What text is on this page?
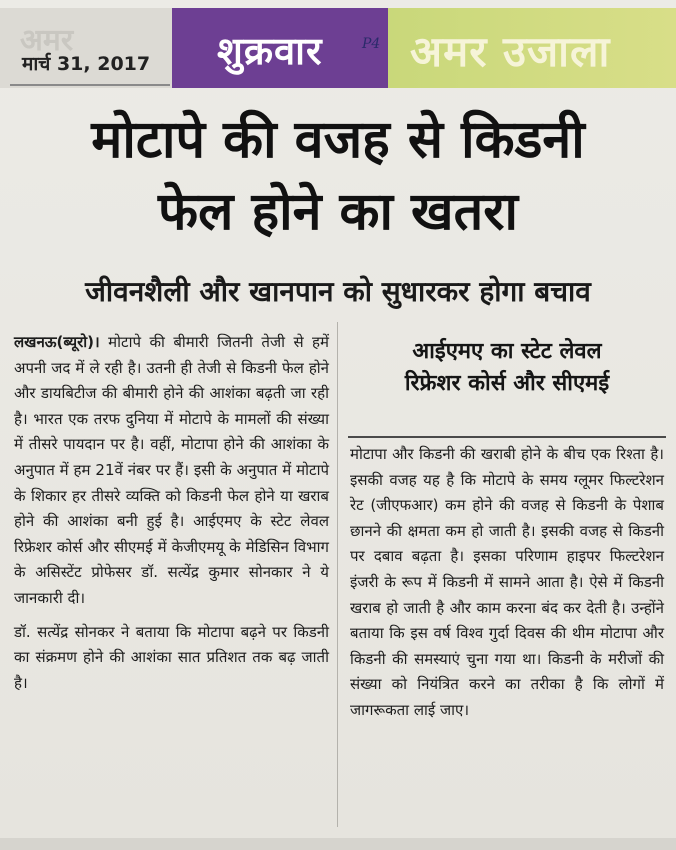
अमर
मार्च 31, 2017 शुक्रवार	P4 अमर उजाला
मोटापे की वजह से किडनी
फेल होने का खतरा
जीवनशैली और खानपान को सुधारकर होगा बचाव

लखनऊ(ब्यूरो)। मोटापे की बीमारी जितनी तेजी से हमें अपनी जद में ले रही है। उतनी ही तेजी से किडनी फेल होने और डायबिटीज की बीमारी होने की आशंका बढ़ती जा रही है। भारत एक तरफ दुनिया में मोटापे के मामलों की संख्या में तीसरे पायदान पर है। वहीं, मोटापा होने की आशंका के अनुपात में हम 21वें नंबर पर हैं। इसी के अनुपात में मोटापे के शिकार हर तीसरे व्यक्ति को किडनी फेल होने या खराब होने की आशंका बनी हुई है। आईएमए के स्टेट लेवल रिफ्रेशर कोर्स और सीएमई में केजीएमयू के मेडिसिन विभाग के असिस्टेंट प्रोफेसर डॉ. सत्येंद्र कुमार सोनकार ने ये जानकारी दी।

डॉ. सत्येंद्र सोनकर ने बताया कि मोटापा बढ़ने पर किडनी का संक्रमण होने की आशंका सात प्रतिशत तक बढ़ जाती है।

आईएमए का स्टेट लेवल
रिफ्रेशर कोर्स और सीएमई

मोटापा और किडनी की खराबी होने के बीच एक रिश्ता है। इसकी वजह यह है कि मोटापे के समय ग्लूमर फिल्टरेशन रेट (जीएफआर) कम होने की वजह से किडनी के पेशाब छानने की क्षमता कम हो जाती है। इसकी वजह से किडनी पर दबाव बढ़ता है। इसका परिणाम हाइपर फिल्टरेशन इंजरी के रूप में किडनी में सामने आता है। ऐसे में किडनी खराब हो जाती है और काम करना बंद कर देती है। उन्होंने बताया कि इस वर्ष विश्व गुर्दा दिवस की थीम मोटापा और किडनी की समस्याएं चुना गया था। किडनी के मरीजों की संख्या को नियंत्रित करने का तरीका है कि लोगों में जागरूकता लाई जाए।
